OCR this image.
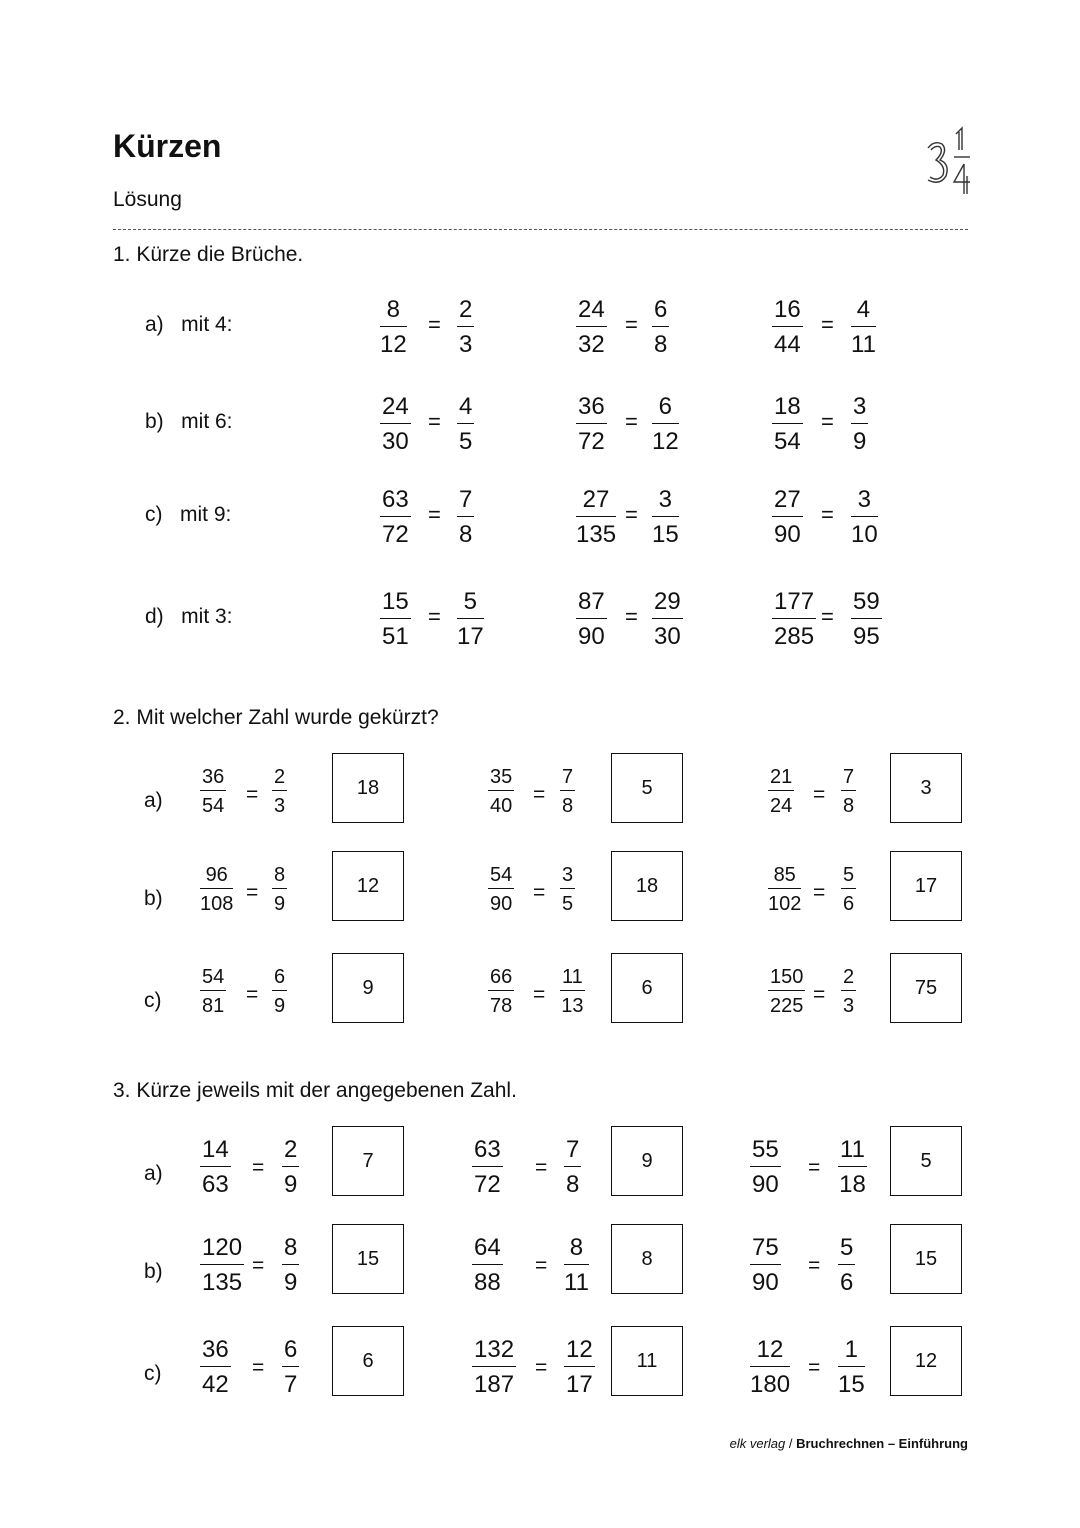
Kürzen
Lösung
1. Kürze die Brüche.
2. Mit welcher Zahl wurde gekürzt?
3. Kürze jeweils mit der angegebenen Zahl.
a)   mit 4:	$\frac{8}{12} = \frac{2}{3}$	$\frac{24}{32} = \frac{6}{8}$	$\frac{16}{44} = \frac{4}{11}$
b)   mit 6:	$\frac{24}{30} = \frac{4}{5}$	$\frac{36}{72} = \frac{6}{12}$	$\frac{18}{54} = \frac{3}{9}$
c)   mit 9:	$\frac{63}{72} = \frac{7}{8}$	$\frac{27}{135} = \frac{3}{15}$	$\frac{27}{90} = \frac{3}{10}$
d)   mit 3:	$\frac{15}{51} = \frac{5}{17}$	$\frac{87}{90} = \frac{29}{30}$	$\frac{177}{285} = \frac{59}{95}$
$a) \frac{36}{54} = \frac{2}{3}$	18	$\frac{35}{40} = \frac{7}{8}$	5	$\frac{21}{24} = \frac{7}{8}$	3
$b) \frac{96}{108} = \frac{8}{9}$	12	$\frac{54}{90} = \frac{3}{5}$	18	$\frac{85}{102} = \frac{5}{6}$	17
$c) \frac{54}{81} = \frac{6}{9}$	9	$\frac{66}{78} = \frac{11}{13}$	6	$\frac{150}{225} = \frac{2}{3}$	75
$a) \frac{14}{63} = \frac{2}{9}$	7	$\frac{63}{72} = \frac{7}{8}$	9	$\frac{55}{90} = \frac{11}{18}$	5
$b) \frac{120}{135} = \frac{8}{9}$	15	$\frac{64}{88} = \frac{8}{11}$	8	$\frac{75}{90} = \frac{5}{6}$	15
$c) \frac{36}{42} = \frac{6}{7}$	6	$\frac{132}{187} = \frac{12}{17}$	11	$\frac{12}{180} = \frac{1}{15}$	12
elk verlag / Bruchrechnen – Einführung
